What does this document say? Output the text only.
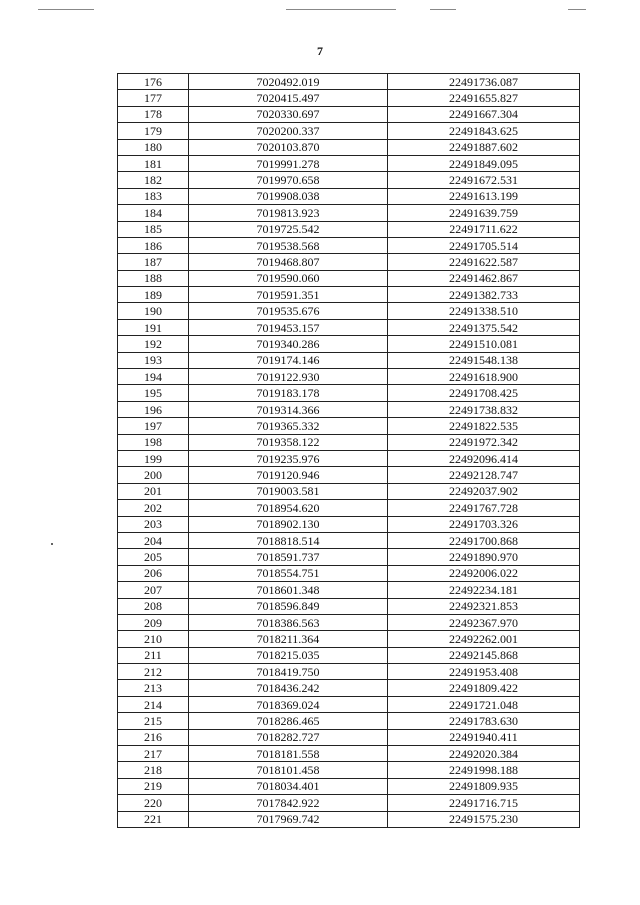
7
176	7020492.019	22491736.087
177	7020415.497	22491655.827
178	7020330.697	22491667.304
179	7020200.337	22491843.625
180	7020103.870	22491887.602
181	7019991.278	22491849.095
182	7019970.658	22491672.531
183	7019908.038	22491613.199
184	7019813.923	22491639.759
185	7019725.542	22491711.622
186	7019538.568	22491705.514
187	7019468.807	22491622.587
188	7019590.060	22491462.867
189	7019591.351	22491382.733
190	7019535.676	22491338.510
191	7019453.157	22491375.542
192	7019340.286	22491510.081
193	7019174.146	22491548.138
194	7019122.930	22491618.900
195	7019183.178	22491708.425
196	7019314.366	22491738.832
197	7019365.332	22491822.535
198	7019358.122	22491972.342
199	7019235.976	22492096.414
200	7019120.946	22492128.747
201	7019003.581	22492037.902
202	7018954.620	22491767.728
203	7018902.130	22491703.326
204	7018818.514	22491700.868
205	7018591.737	22491890.970
206	7018554.751	22492006.022
207	7018601.348	22492234.181
208	7018596.849	22492321.853
209	7018386.563	22492367.970
210	7018211.364	22492262.001
211	7018215.035	22492145.868
212	7018419.750	22491953.408
213	7018436.242	22491809.422
214	7018369.024	22491721.048
215	7018286.465	22491783.630
216	7018282.727	22491940.411
217	7018181.558	22492020.384
218	7018101.458	22491998.188
219	7018034.401	22491809.935
220	7017842.922	22491716.715
221	7017969.742	22491575.230
